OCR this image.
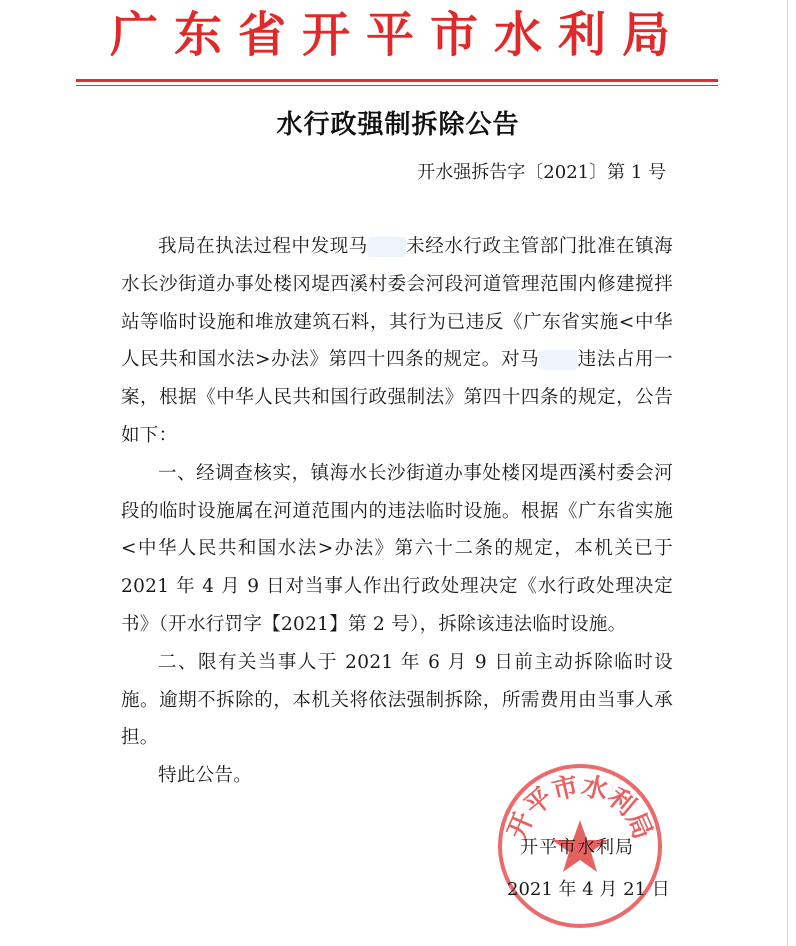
广东省开平市水利局
水行政强制拆除公告
开水强拆告字〔2021〕第 1 号

我局在执法过程中发现马 未经水行政主管部门批准在镇海水长沙街道办事处楼冈堤西溪村委会河段河道管理范围内修建搅拌站等临时设施和堆放建筑石料，其行为已违反《广东省实施<中华人民共和国水法>办法》第四十四条的规定。对马 违法占用一案，根据《中华人民共和国行政强制法》第四十四条的规定，公告如下：

一、经调查核实，镇海水长沙街道办事处楼冈堤西溪村委会河段的临时设施属在河道范围内的违法临时设施。根据《广东省实施<中华人民共和国水法>办法》第六十二条的规定，本机关已于 2021 年 4 月 9 日对当事人作出行政处理决定《水行政处理决定书》（开水行罚字【2021】第 2 号），拆除该违法临时设施。

二、限有关当事人于 2021 年 6 月 9 日前主动拆除临时设施。逾期不拆除的，本机关将依法强制拆除，所需费用由当事人承担。

特此公告。

开平市水利局
开平市水利局
2021 年 4 月 21 日
